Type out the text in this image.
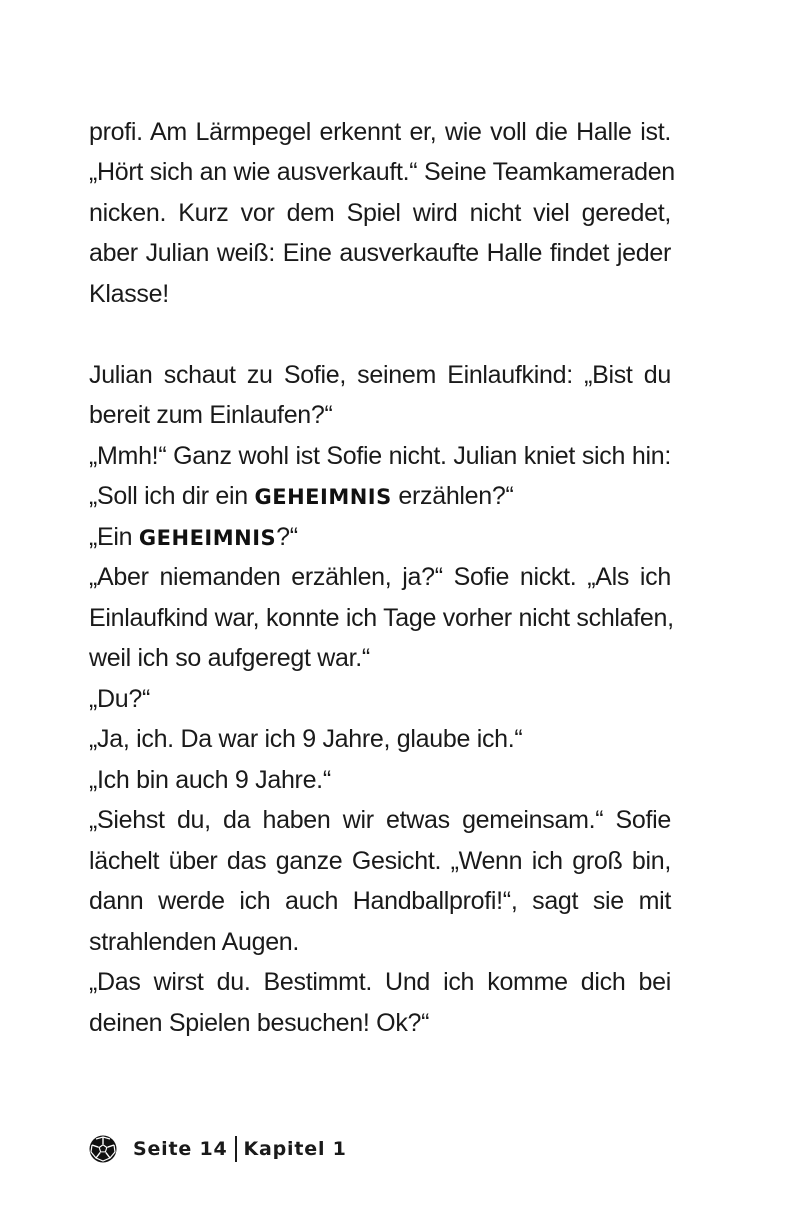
profi. Am Lärmpegel erkennt er, wie voll die Halle ist.
„Hört sich an wie ausverkauft.“ Seine Teamkameraden
nicken. Kurz vor dem Spiel wird nicht viel geredet,
aber Julian weiß: Eine ausverkaufte Halle findet jeder
Klasse!
Julian schaut zu Sofie, seinem Einlaufkind: „Bist du
bereit zum Einlaufen?“
„Mmh!“ Ganz wohl ist Sofie nicht. Julian kniet sich hin:
„Soll ich dir ein GEHEIMNIS erzählen?“
„Ein GEHEIMNIS?“
„Aber niemanden erzählen, ja?“ Sofie nickt. „Als ich
Einlaufkind war, konnte ich Tage vorher nicht schlafen,
weil ich so aufgeregt war.“
„Du?“
„Ja, ich. Da war ich 9 Jahre, glaube ich.“
„Ich bin auch 9 Jahre.“
„Siehst du, da haben wir etwas gemeinsam.“ Sofie
lächelt über das ganze Gesicht. „Wenn ich groß bin,
dann werde ich auch Handballprofi!“, sagt sie mit
strahlenden Augen.
„Das wirst du. Bestimmt. Und ich komme dich bei
deinen Spielen besuchen! Ok?“
Seite 14 Kapitel 1
